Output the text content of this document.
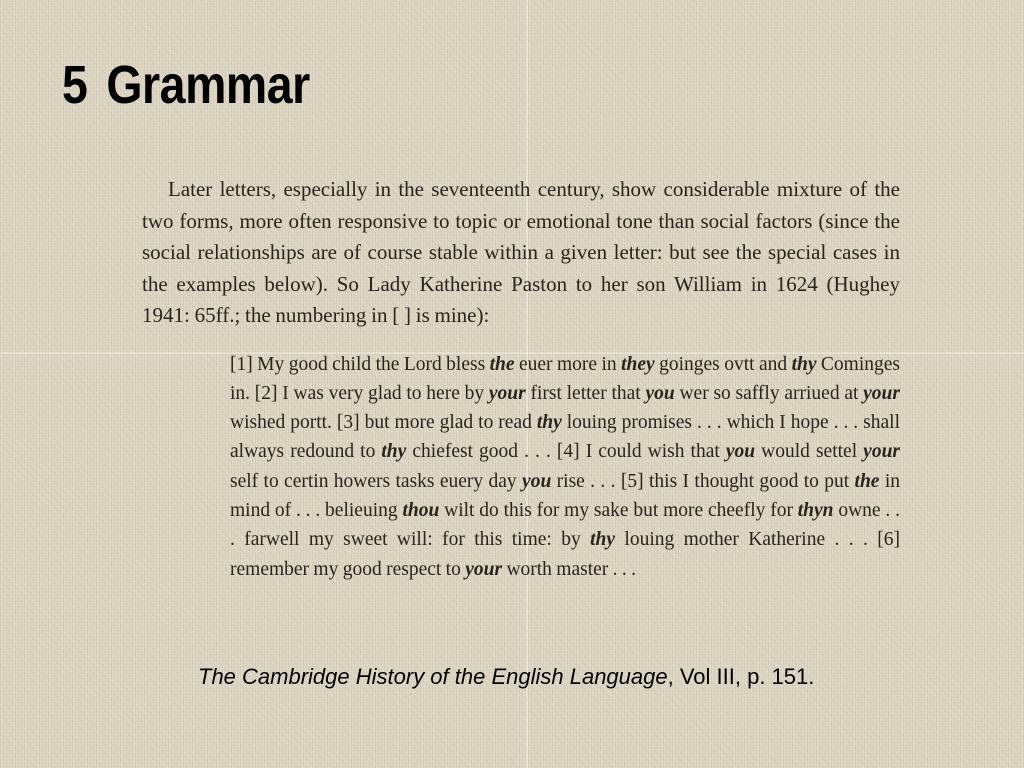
5 Grammar

Later letters, especially in the seventeenth century, show considerable mixture of the two forms, more often responsive to topic or emotional tone than social factors (since the social relationships are of course stable within a given letter: but see the special cases in the examples below). So Lady Katherine Paston to her son William in 1624 (Hughey 1941: 65ff.; the numbering in [ ] is mine):

[1] My good child the Lord bless the euer more in they goinges ovtt and thy Cominges in. [2] I was very glad to here by your first letter that you wer so saffly arriued at your wished portt. [3] but more glad to read thy louing promises . . . which I hope . . . shall always redound to thy chiefest good . . . [4] I could wish that you would settel your self to certin howers tasks euery day you rise . . . [5] this I thought good to put the in mind of . . . belieuing thou wilt do this for my sake but more cheefly for thyn owne . . . farwell my sweet will: for this time: by thy louing mother Katherine . . . [6] remember my good respect to your worth master . . .

The Cambridge History of the English Language, Vol III, p. 151.
